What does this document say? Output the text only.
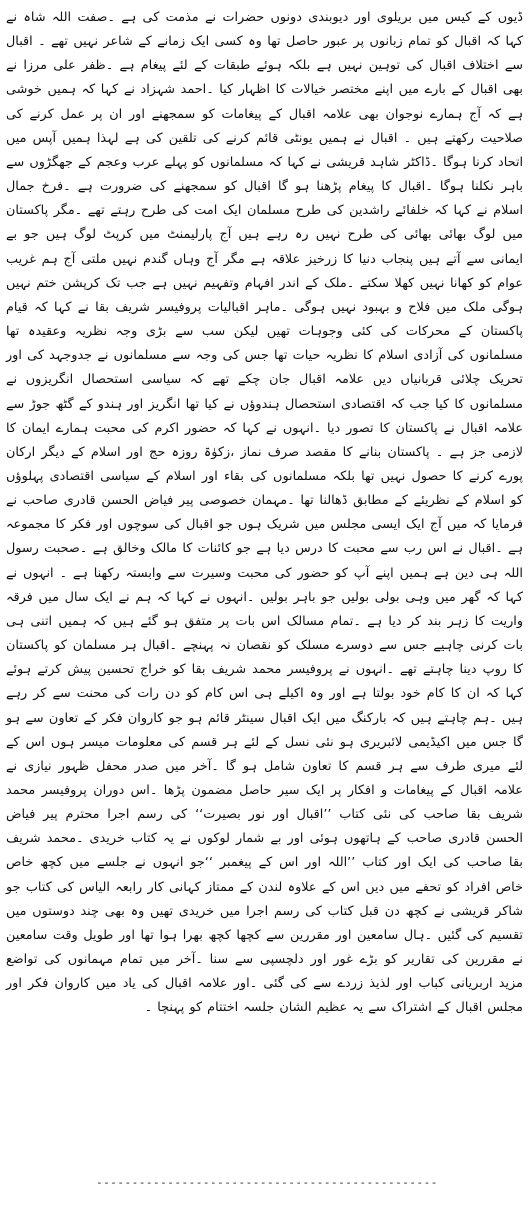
ڈیوں کے کیس میں بریلوی اور دیوبندی دونوں حضرات نے مذمت کی ہے ۔صفت اللہ شاہ نے کہا کہ اقبال کو تمام زبانوں پر عبور حاصل تھا وہ کسی ایک زمانے کے شاعر نہیں تھے ۔ اقبال سے اختلاف اقبال کی توہین نہیں ہے بلکہ ہوئے طبقات کے لئے پیغام ہے ۔ظفر علی مرزا نے بھی اقبال کے بارے میں اپنے مختصر خیالات کا اظہار کیا ۔احمد شہزاد نے کہا کہ ہمیں خوشی ہے کہ آج ہمارے نوجوان بھی علامہ اقبال کے پیغامات کو سمجھنے اور ان پر عمل کرنے کی صلاحیت رکھتے ہیں ۔ اقبال نے ہمیں یونٹی قائم کرنے کی تلقین کی ہے لہذا ہمیں آپس میں اتحاد کرنا ہوگا ۔ڈاکٹر شاہد قریشی نے کہا کہ مسلمانوں کو پہلے عرب وعجم کے جھگڑوں سے باہر نکلنا ہوگا ۔اقبال کا پیغام پڑھنا ہو گا اقبال کو سمجھنے کی ضرورت ہے ۔فرخ جمال اسلام نے کہا کہ خلفائے راشدین کی طرح مسلمان ایک امت کی طرح رہتے تھے ۔مگر پاکستان میں لوگ بھائی بھائی کی طرح نہیں رہ رہے ہیں آج پارلیمنٹ میں کرپٹ لوگ ہیں جو بے ایمانی سے آتے ہیں پنجاب دنیا کا زرخیز علاقہ ہے مگر آج وہاں گندم نہیں ملتی آج ہم غریب عوام کو کھانا نہیں کھلا سکتے ۔ملک کے اندر افہام وتفہیم نہیں ہے جب تک کرپشن ختم نہیں ہوگی ملک میں فلاح و بہبود نہیں ہوگی ۔ماہر اقبالیات پروفیسر شریف بقا نے کہا کہ قیام پاکستان کے محرکات کی کئی وجوہات تھیں لیکن سب سے بڑی وجہ نظریہ وعقیدہ تھا مسلمانوں کی آزادی اسلام کا نظریہ حیات تھا جس کی وجہ سے مسلمانوں نے جدوجہد کی اور تحریک چلائی قربانیاں دیں علامہ اقبال جان چکے تھے کہ سیاسی استحصال انگریزوں نے مسلمانوں کا کیا جب کہ اقتصادی استحصال ہندوؤں نے کیا تھا انگریز اور ہندو کے گٹھ جوڑ سے علامہ اقبال نے پاکستان کا تصور دیا ۔انہوں نے کہا کہ حضور اکرم کی محبت ہمارے ایمان کا لازمی جز ہے ۔ پاکستان بنانے کا مقصد صرف نماز ،زکوٰۃ روزہ حج اور اسلام کے دیگر ارکان پورے کرنے کا حصول نہیں تھا بلکہ مسلمانوں کی بقاء اور اسلام کے سیاسی اقتصادی پہلوؤں کو اسلام کے نظریئے کے مطابق ڈھالنا تھا ۔مہمان خصوصی پیر فیاض الحسن قادری صاحب نے فرمایا کہ میں آج ایک ایسی مجلس میں شریک ہوں جو اقبال کی سوچوں اور فکر کا مجموعہ ہے ۔اقبال نے اس رب سے محبت کا درس دیا ہے جو کائنات کا مالک وخالق ہے ۔صحبت رسول اللہ ہی دین ہے ہمیں اپنے آپ کو حضور کی محبت وسیرت سے وابستہ رکھنا ہے ۔ انہوں نے کہا کہ گھر میں وہی بولی بولیں جو باہر بولیں ۔انہوں نے کہا کہ ہم نے ایک سال میں فرقہ واریت کا زہر بند کر دیا ہے ۔تمام مسالک اس بات پر متفق ہو گئے ہیں کہ ہمیں اتنی ہی بات کرنی چاہیے جس سے دوسرے مسلک کو نقصان نہ پہنچے ۔اقبال ہر مسلمان کو پاکستان کا روپ دینا چاہتے تھے ۔انہوں نے پروفیسر محمد شریف بقا کو خراج تحسین پیش کرتے ہوئے کہا کہ ان کا کام خود بولتا ہے اور وہ اکیلے ہی اس کام کو دن رات کی محنت سے کر رہے ہیں ۔ہم چاہتے ہیں کہ بارکنگ میں ایک اقبال سینٹر قائم ہو جو کاروان فکر کے تعاون سے ہو گا جس میں اکیڈیمی لائبریری ہو نئی نسل کے لئے ہر قسم کی معلومات میسر ہوں اس کے لئے میری طرف سے ہر قسم کا تعاون شامل ہو گا ۔آخر میں صدر محفل ظہور نیازی نے علامہ اقبال کے پیغامات و افکار پر ایک سیر حاصل مضمون پڑھا ۔اس دوران پروفیسر محمد شریف بقا صاحب کی نئی کتاب ’’اقبال اور نور بصیرت‘‘ کی رسم اجرا محترم پیر فیاض الحسن قادری صاحب کے ہاتھوں ہوئی اور بے شمار لوکوں نے یہ کتاب خریدی ۔محمد شریف بقا صاحب کی ایک اور کتاب ’’اللہ اور اس کے پیغمبر ‘‘جو انہوں نے جلسے میں کچھ خاص خاص افراد کو تحفے میں دیں اس کے علاوہ لندن کے ممتاز کہانی کار رابعہ الیاس کی کتاب جو شاکر قریشی نے کچھ دن قبل کتاب کی رسم اجرا میں خریدی تھیں وہ بھی چند دوستوں میں تقسیم کی گئیں ۔ہال سامعین اور مقررین سے کچھا کچھ بھرا ہوا تھا اور طویل وقت سامعین نے مقررین کی تقاریر کو بڑے غور اور دلچسپی سے سنا ۔آخر میں تمام مہمانوں کی تواضع مزید اربریانی کباب اور لذیذ زردے سے کی گئی ۔اور علامہ اقبال کی یاد میں کاروان فکر اور مجلس اقبال کے اشتراک سے یہ عظیم الشان جلسہ اختتام کو پہنچا ۔

------------------------------------------------
